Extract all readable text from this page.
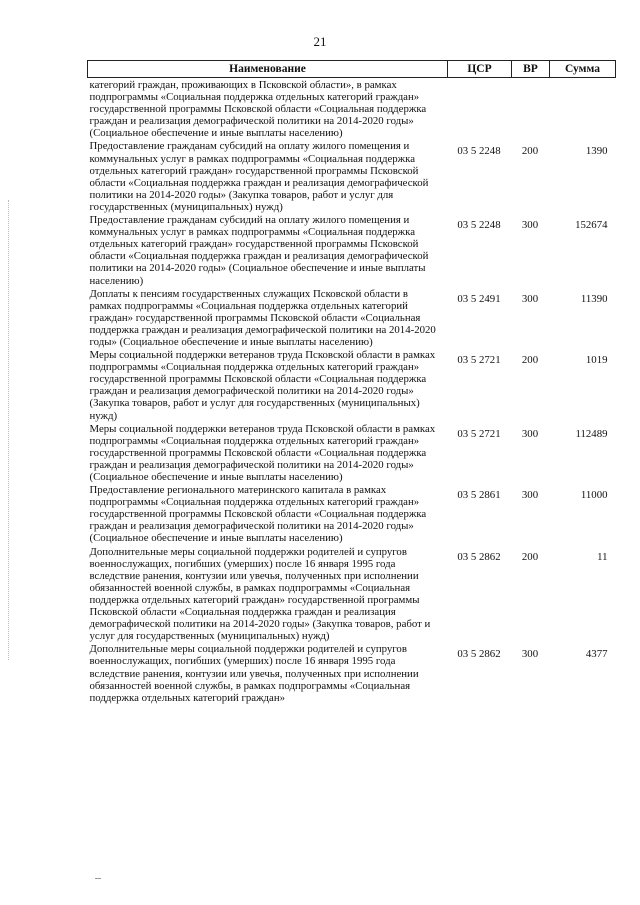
21
Наименование	ЦСР	ВР	Сумма
категорий граждан, проживающих в Псковской области», в рамках подпрограммы «Социальная поддержка отдельных категорий граждан» государственной программы Псковской области «Социальная поддержка граждан и реализация демографической политики на 2014-2020 годы» (Социальное обеспечение и иные выплаты населению)			
Предоставление гражданам субсидий на оплату жилого помещения и коммунальных услуг в рамках подпрограммы «Социальная поддержка отдельных категорий граждан» государственной программы Псковской области «Социальная поддержка граждан и реализация демографической политики на 2014-2020 годы» (Закупка товаров, работ и услуг для государственных (муниципальных) нужд)	03 5 2248	200	1390
Предоставление гражданам субсидий на оплату жилого помещения и коммунальных услуг в рамках подпрограммы «Социальная поддержка отдельных категорий граждан» государственной программы Псковской области «Социальная поддержка граждан и реализация демографической политики на 2014-2020 годы» (Социальное обеспечение и иные выплаты населению)	03 5 2248	300	152674
Доплаты к пенсиям государственных служащих Псковской области в рамках подпрограммы «Социальная поддержка отдельных категорий граждан» государственной программы Псковской области «Социальная поддержка граждан и реализация демографической политики на 2014-2020 годы» (Социальное обеспечение и иные выплаты населению)	03 5 2491	300	11390
Меры социальной поддержки ветеранов труда Псковской области в рамках подпрограммы «Социальная поддержка отдельных категорий граждан» государственной программы Псковской области «Социальная поддержка граждан и реализация демографической политики на 2014-2020 годы» (Закупка товаров, работ и услуг для государственных (муниципальных) нужд)	03 5 2721	200	1019
Меры социальной поддержки ветеранов труда Псковской области в рамках подпрограммы «Социальная поддержка отдельных категорий граждан» государственной программы Псковской области «Социальная поддержка граждан и реализация демографической политики на 2014-2020 годы» (Социальное обеспечение и иные выплаты населению)	03 5 2721	300	112489
Предоставление регионального материнского капитала в рамках подпрограммы «Социальная поддержка отдельных категорий граждан» государственной программы Псковской области «Социальная поддержка граждан и реализация демографической политики на 2014-2020 годы» (Социальное обеспечение и иные выплаты населению)	03 5 2861	300	11000
Дополнительные меры социальной поддержки родителей и супругов военнослужащих, погибших (умерших) после 16 января 1995 года вследствие ранения, контузии или увечья, полученных при исполнении обязанностей военной службы, в рамках подпрограммы «Социальная поддержка отдельных категорий граждан» государственной программы Псковской области «Социальная поддержка граждан и реализация демографической политики на 2014-2020 годы» (Закупка товаров, работ и услуг для государственных (муниципальных) нужд)	03 5 2862	200	11
Дополнительные меры социальной поддержки родителей и супругов военнослужащих, погибших (умерших) после 16 января 1995 года вследствие ранения, контузии или увечья, полученных при исполнении обязанностей военной службы, в рамках подпрограммы «Социальная поддержка отдельных категорий граждан»	03 5 2862	300	4377
